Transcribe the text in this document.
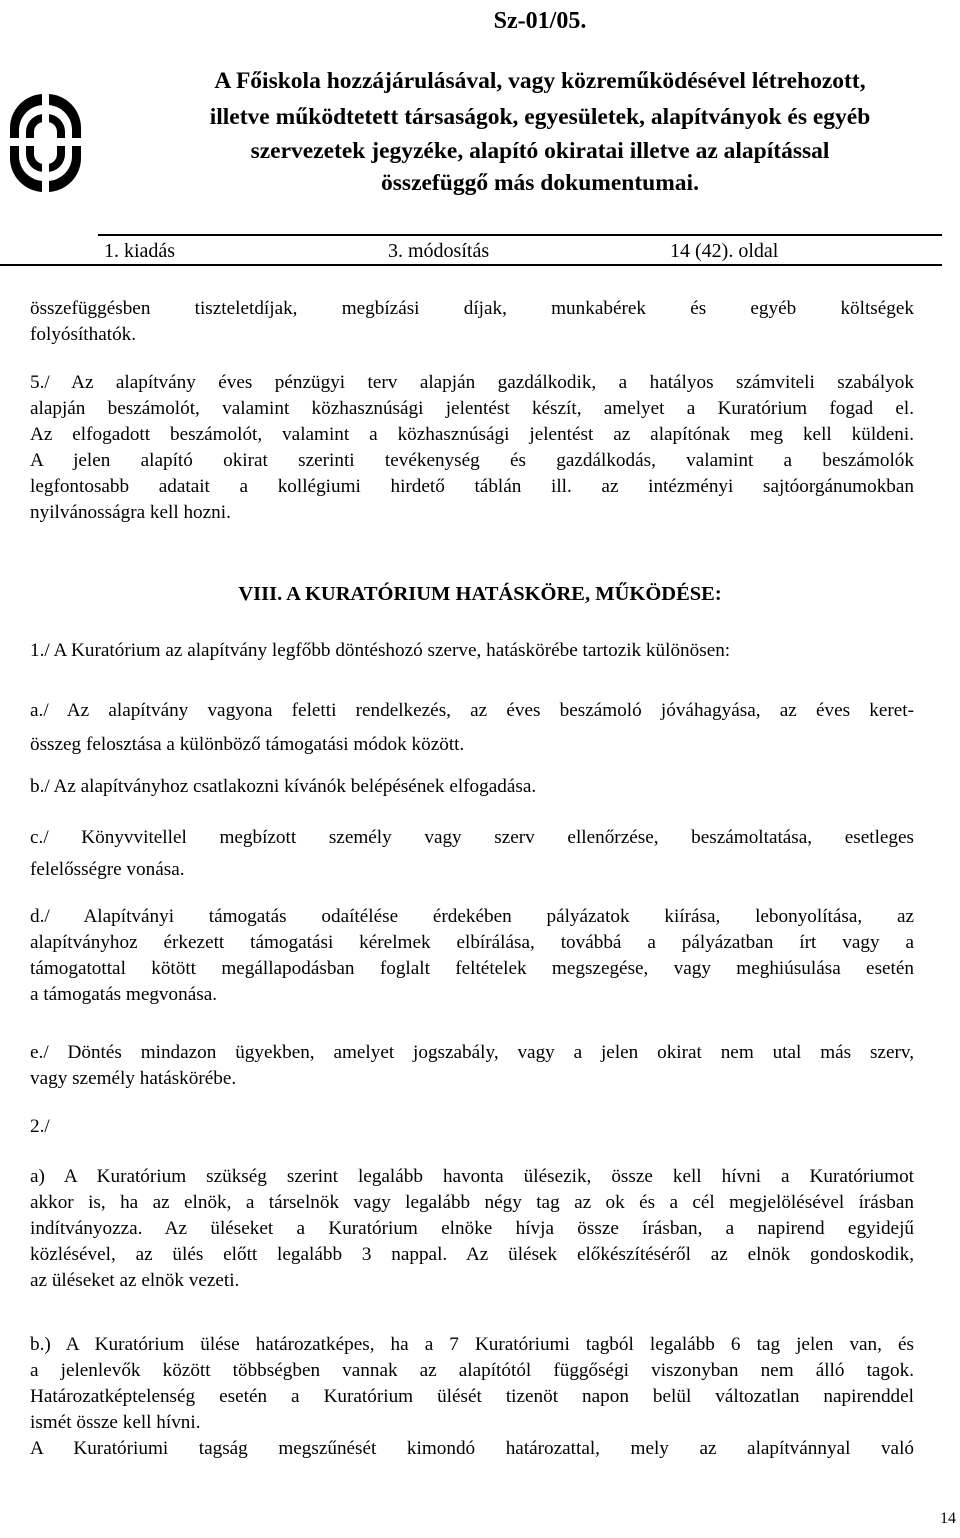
Sz-01/05.
A Főiskola hozzájárulásával, vagy közreműködésével létrehozott,
illetve működtetett társaságok, egyesületek, alapítványok és egyéb
szervezetek jegyzéke, alapító okiratai illetve az alapítással
összefüggő más dokumentumai.
1. kiadás	3. módosítás	14 (42). oldal
összefüggésben tiszteletdíjak, megbízási díjak, munkabérek és egyéb költségek
folyósíthatók.
5./ Az alapítvány éves pénzügyi terv alapján gazdálkodik, a hatályos számviteli szabályok
alapján beszámolót, valamint közhasznúsági jelentést készít, amelyet a Kuratórium fogad el.
Az elfogadott beszámolót, valamint a közhasznúsági jelentést az alapítónak meg kell küldeni.
A jelen alapító okirat szerinti tevékenység és gazdálkodás, valamint a beszámolók
legfontosabb adatait a kollégiumi hirdető táblán ill. az intézményi sajtóorgánumokban
nyilvánosságra kell hozni.
VIII. A KURATÓRIUM HATÁSKÖRE, MŰKÖDÉSE:
1./ A Kuratórium az alapítvány legfőbb döntéshozó szerve, hatáskörébe tartozik különösen:
a./ Az alapítvány vagyona feletti rendelkezés, az éves beszámoló jóváhagyása, az éves keret-
összeg felosztása a különböző támogatási módok között.
b./ Az alapítványhoz csatlakozni kívánók belépésének elfogadása.
c./ Könyvvitellel megbízott személy vagy szerv ellenőrzése, beszámoltatása, esetleges
felelősségre vonása.
d./ Alapítványi támogatás odaítélése érdekében pályázatok kiírása, lebonyolítása, az
alapítványhoz érkezett támogatási kérelmek elbírálása, továbbá a pályázatban írt vagy a
támogatottal kötött megállapodásban foglalt feltételek megszegése, vagy meghiúsulása esetén
a támogatás megvonása.
e./ Döntés mindazon ügyekben, amelyet jogszabály, vagy a jelen okirat nem utal más szerv,
vagy személy hatáskörébe.
2./
a) A Kuratórium szükség szerint legalább havonta ülésezik, össze kell hívni a Kuratóriumot
akkor is, ha az elnök, a társelnök vagy legalább négy tag az ok és a cél megjelölésével írásban
indítványozza. Az üléseket a Kuratórium elnöke hívja össze írásban, a napirend egyidejű
közlésével, az ülés előtt legalább 3 nappal. Az ülések előkészítéséről az elnök gondoskodik,
az üléseket az elnök vezeti.
b.) A Kuratórium ülése határozatképes, ha a 7 Kuratóriumi tagból legalább 6 tag jelen van, és
a jelenlevők között többségben vannak az alapítótól függőségi viszonyban nem álló tagok.
Határozatképtelenség esetén a Kuratórium ülését tizenöt napon belül változatlan napirenddel
ismét össze kell hívni.
A Kuratóriumi tagság megszűnését kimondó határozattal, mely az alapítvánnyal való
14
